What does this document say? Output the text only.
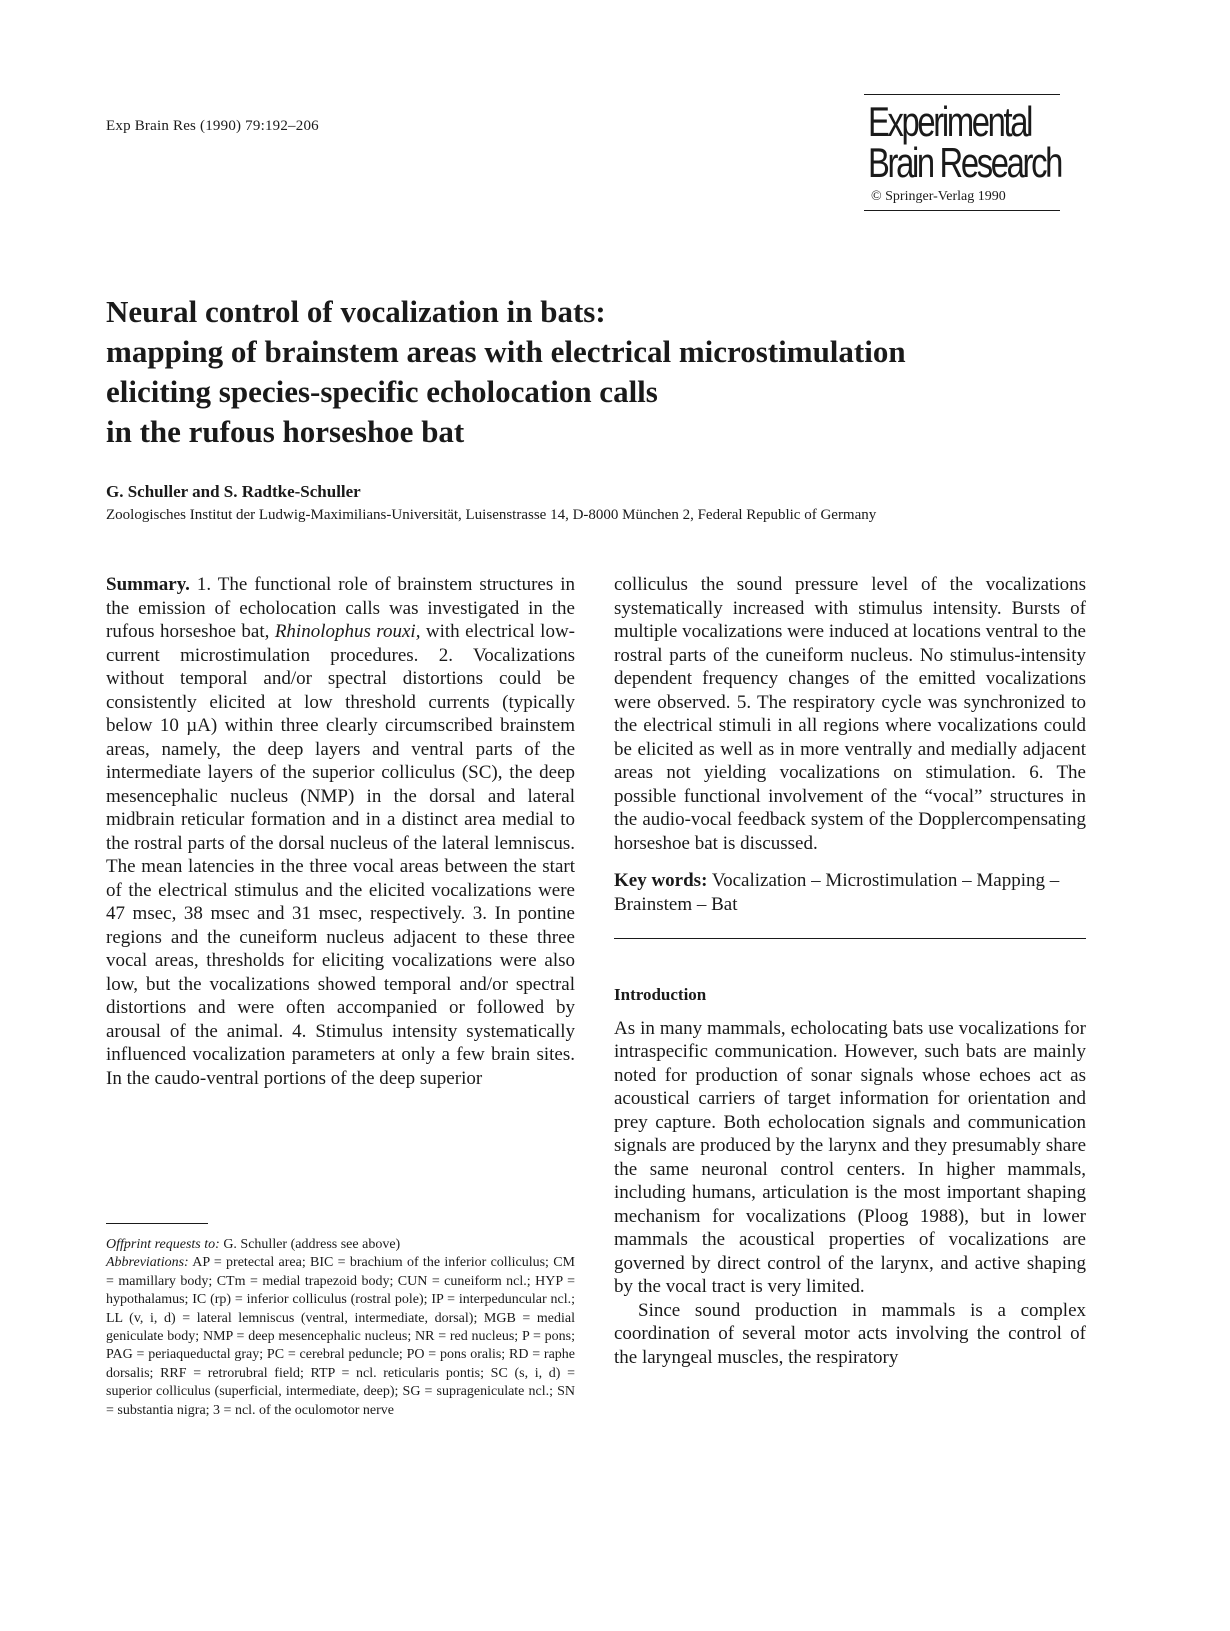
Exp Brain Res (1990) 79:192–206	Experimental
Brain Research
© Springer-Verlag 1990
Neural control of vocalization in bats:
mapping of brainstem areas with electrical microstimulation
eliciting species-specific echolocation calls
in the rufous horseshoe bat
G. Schuller and S. Radtke-Schuller
Zoologisches Institut der Ludwig-Maximilians-Universität, Luisenstrasse 14, D-8000 München 2, Federal Republic of Germany

Summary. 1. The functional role of brainstem structures in the emission of echolocation calls was investigated in the rufous horseshoe bat, Rhinolophus rouxi, with electrical low-current microstimulation procedures. 2. Vocalizations without temporal and/or spectral distortions could be consistently elicited at low threshold currents (typically below 10 µA) within three clearly circumscribed brainstem areas, namely, the deep layers and ventral parts of the intermediate layers of the superior colliculus (SC), the deep mesencephalic nucleus (NMP) in the dorsal and lateral midbrain reticular formation and in a distinct area medial to the rostral parts of the dorsal nucleus of the lateral lemniscus. The mean latencies in the three vocal areas between the start of the electrical stimulus and the elicited vocalizations were 47 msec, 38 msec and 31 msec, respectively. 3. In pontine regions and the cuneiform nucleus adjacent to these three vocal areas, thresholds for eliciting vocalizations were also low, but the vocalizations showed temporal and/or spectral distortions and were often accompanied or followed by arousal of the animal. 4. Stimulus intensity systematically influenced vocalization parameters at only a few brain sites. In the caudo-ventral portions of the deep superior

colliculus the sound pressure level of the vocalizations systematically increased with stimulus intensity. Bursts of multiple vocalizations were induced at locations ventral to the rostral parts of the cuneiform nucleus. No stimulus-intensity dependent frequency changes of the emitted vocalizations were observed. 5. The respiratory cycle was synchronized to the electrical stimuli in all regions where vocalizations could be elicited as well as in more ventrally and medially adjacent areas not yielding vocalizations on stimulation. 6. The possible functional involvement of the “vocal” structures in the audio-vocal feedback system of the Dopplercompensating horseshoe bat is discussed.

Key words: Vocalization – Microstimulation – Mapping – Brainstem – Bat

Introduction

As in many mammals, echolocating bats use vocalizations for intraspecific communication. However, such bats are mainly noted for production of sonar signals whose echoes act as acoustical carriers of target information for orientation and prey capture. Both echolocation signals and communication signals are produced by the larynx and they presumably share the same neuronal control centers. In higher mammals, including humans, articulation is the most important shaping mechanism for vocalizations (Ploog 1988), but in lower mammals the acoustical properties of vocalizations are governed by direct control of the larynx, and active shaping by the vocal tract is very limited.

Since sound production in mammals is a complex coordination of several motor acts involving the control of the laryngeal muscles, the respiratory

Offprint requests to: G. Schuller (address see above)

Abbreviations: AP = pretectal area; BIC = brachium of the inferior colliculus; CM = mamillary body; CTm = medial trapezoid body; CUN = cuneiform ncl.; HYP = hypothalamus; IC (rp) = inferior colliculus (rostral pole); IP = interpeduncular ncl.; LL (v, i, d) = lateral lemniscus (ventral, intermediate, dorsal); MGB = medial geniculate body; NMP = deep mesencephalic nucleus; NR = red nucleus; P = pons; PAG = periaqueductal gray; PC = cerebral peduncle; PO = pons oralis; RD = raphe dorsalis; RRF = retrorubral field; RTP = ncl. reticularis pontis; SC (s, i, d) = superior colliculus (superficial, intermediate, deep); SG = suprageniculate ncl.; SN = substantia nigra; 3 = ncl. of the oculomotor nerve
